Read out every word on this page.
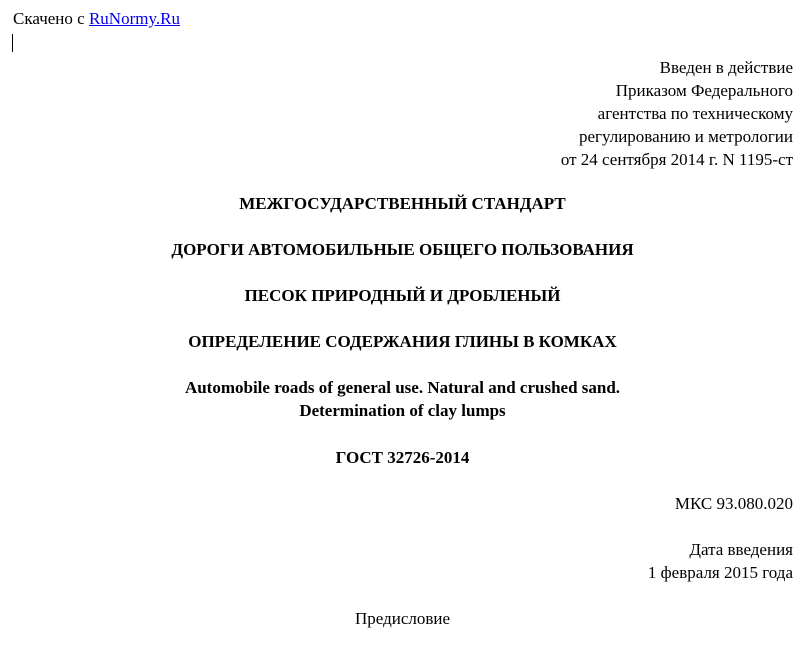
Скачено с RuNormy.Ru
Введен в действие
Приказом Федерального
агентства по техническому
регулированию и метрологии
от 24 сентября 2014 г. N 1195-ст
МЕЖГОСУДАРСТВЕННЫЙ СТАНДАРТ
ДОРОГИ АВТОМОБИЛЬНЫЕ ОБЩЕГО ПОЛЬЗОВАНИЯ
ПЕСОК ПРИРОДНЫЙ И ДРОБЛЕНЫЙ
ОПРЕДЕЛЕНИЕ СОДЕРЖАНИЯ ГЛИНЫ В КОМКАХ
Automobile roads of general use. Natural and crushed sand.
Determination of clay lumps
ГОСТ 32726-2014
МКС 93.080.020
Дата введения
1 февраля 2015 года
Предисловие
